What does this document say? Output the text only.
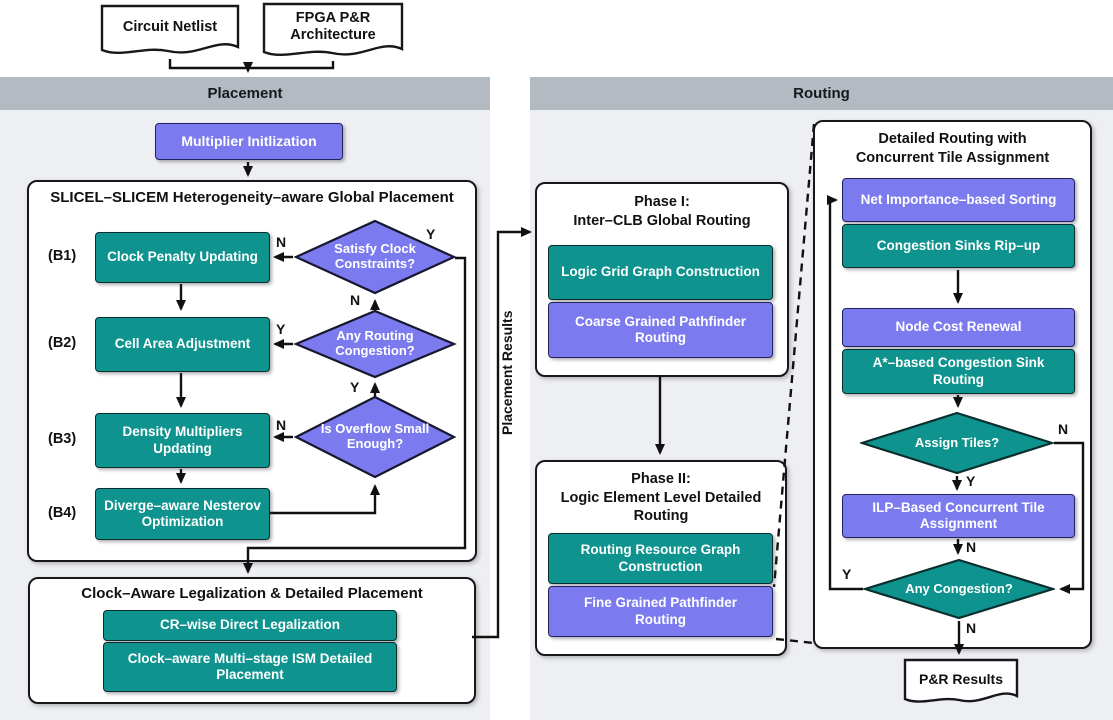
Placement	Routing
SLICEL–SLICEM Heterogeneity–aware Global Placement
Clock–Aware Legalization & Detailed Placement
Phase I:
Inter–CLB Global Routing
Phase II:
Logic Element Level Detailed Routing
Detailed Routing with
Concurrent Tile Assignment
Circuit Netlist
FPGA P&R Architecture
Multiplier Initlization
(B1)
(B2)
(B3)
(B4)
Clock Penalty Updating
Cell Area Adjustment
Density Multipliers Updating
Diverge–aware Nesterov Optimization
Satisfy Clock Constraints?
Any Routing Congestion?
Is Overflow Small Enough?
N	Y
N
Y
Y
N
CR–wise Direct Legalization
Clock–aware Multi–stage ISM Detailed Placement
Placement Results
Logic Grid Graph Construction
Coarse Grained Pathfinder Routing
Routing Resource Graph Construction
Fine Grained Pathfinder Routing
Net Importance–based Sorting
Congestion Sinks Rip–up
Node Cost Renewal
A*–based Congestion Sink Routing
ILP–Based Concurrent Tile Assignment
Assign Tiles?
Any Congestion?
N
Y
N
Y
N
P&R Results
